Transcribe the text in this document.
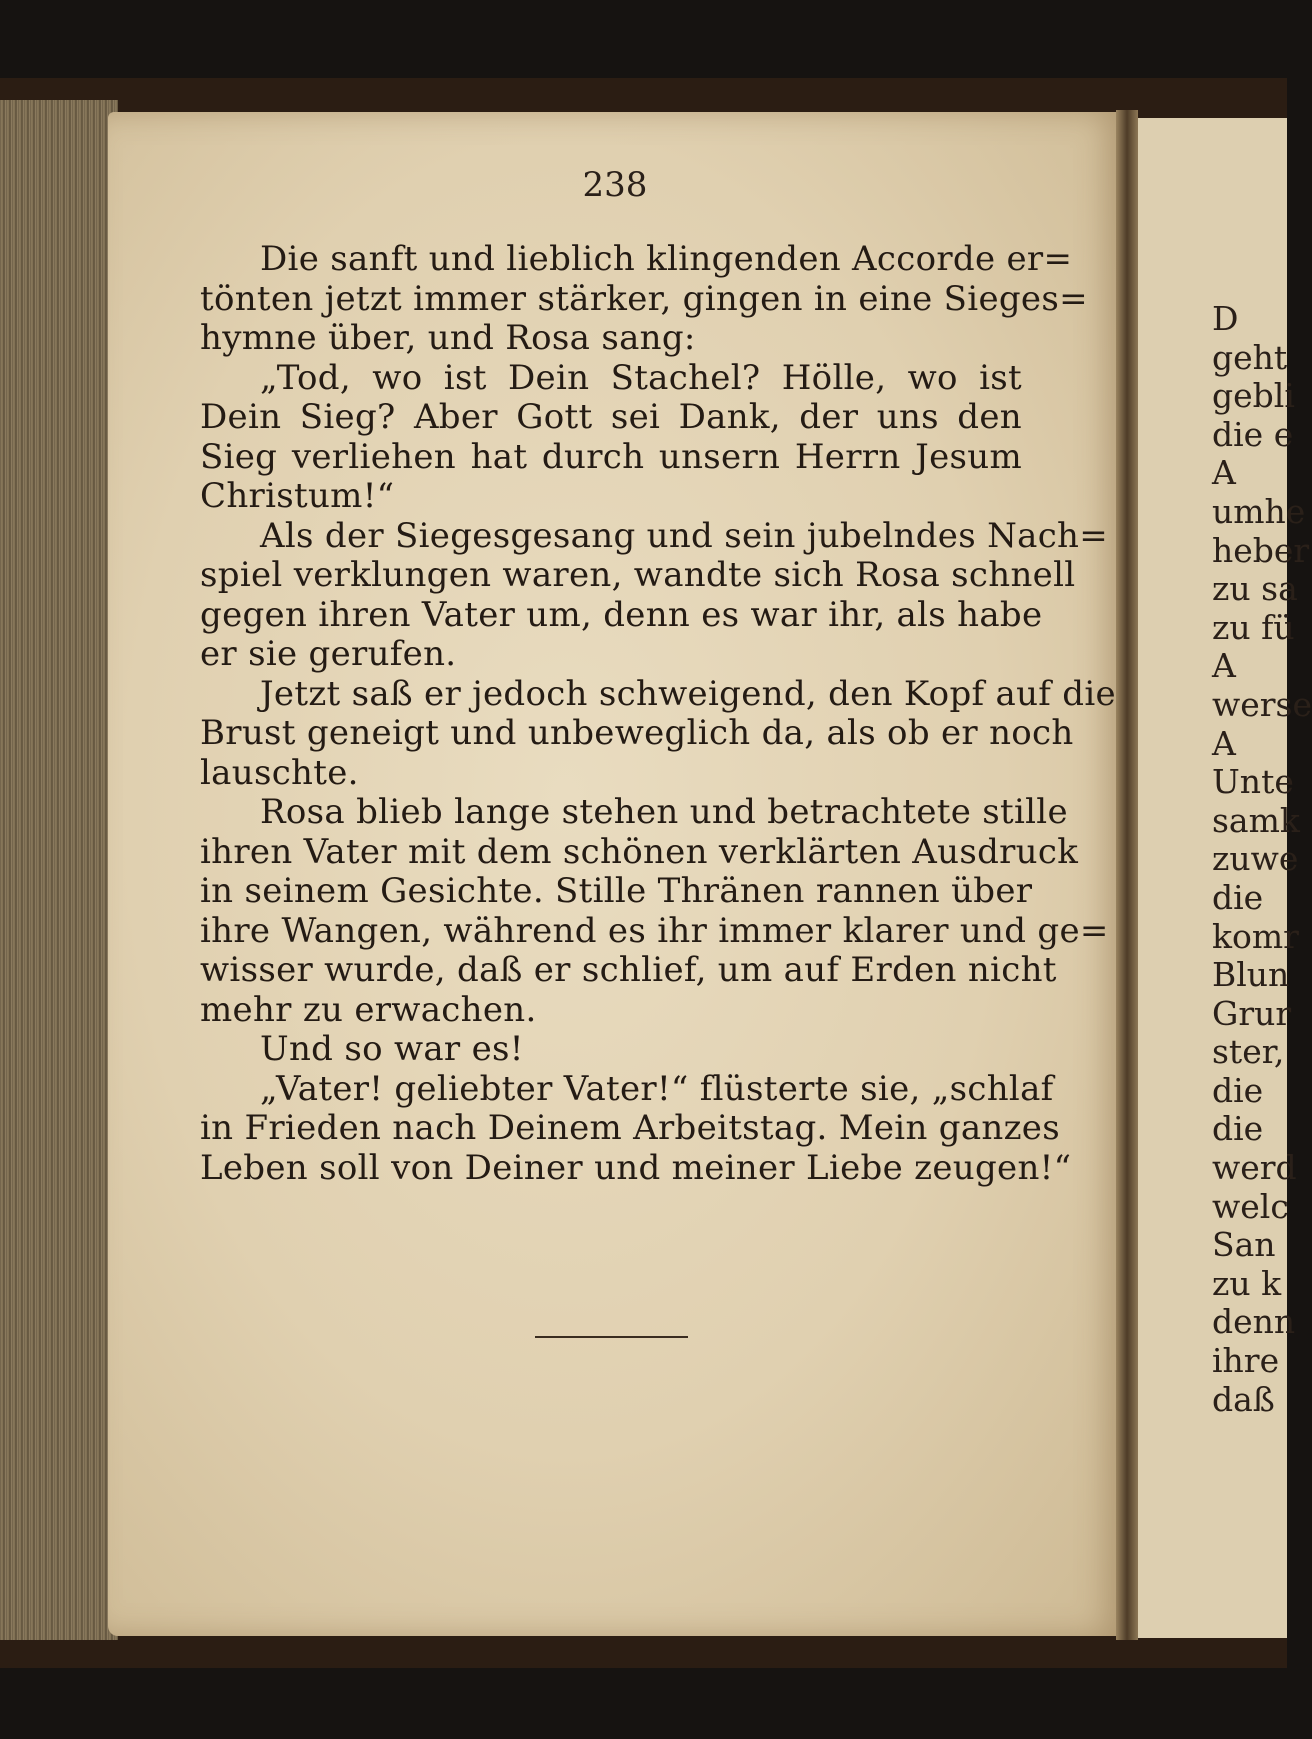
238
Die sanft und lieblich klingenden Accorde er=
tönten jetzt immer stärker, gingen in eine Sieges=
hymne über, und Rosa sang:
„Tod, wo ist Dein Stachel? Hölle, wo ist
Dein Sieg? Aber Gott sei Dank, der uns den
Sieg verliehen hat durch unsern Herrn Jesum
Christum!“
Als der Siegesgesang und sein jubelndes Nach=
spiel verklungen waren, wandte sich Rosa schnell
gegen ihren Vater um, denn es war ihr, als habe
er sie gerufen.
Jetzt saß er jedoch schweigend, den Kopf auf die
Brust geneigt und unbeweglich da, als ob er noch
lauschte.
Rosa blieb lange stehen und betrachtete stille
ihren Vater mit dem schönen verklärten Ausdruck
in seinem Gesichte. Stille Thränen rannen über
ihre Wangen, während es ihr immer klarer und ge=
wisser wurde, daß er schlief, um auf Erden nicht
mehr zu erwachen.
Und so war es!
„Vater! geliebter Vater!“ flüsterte sie, „schlaf
in Frieden nach Deinem Arbeitstag. Mein ganzes
Leben soll von Deiner und meiner Liebe zeugen!“
D
geht
gebli
die e
A
umhe
heber
zu sa
zu fü
A
werse
A
Unte
samk
zuwe
die
komr
Blun
Grur
ster,
die
die
werd
welc
San
zu k
denn
ihre
daß
